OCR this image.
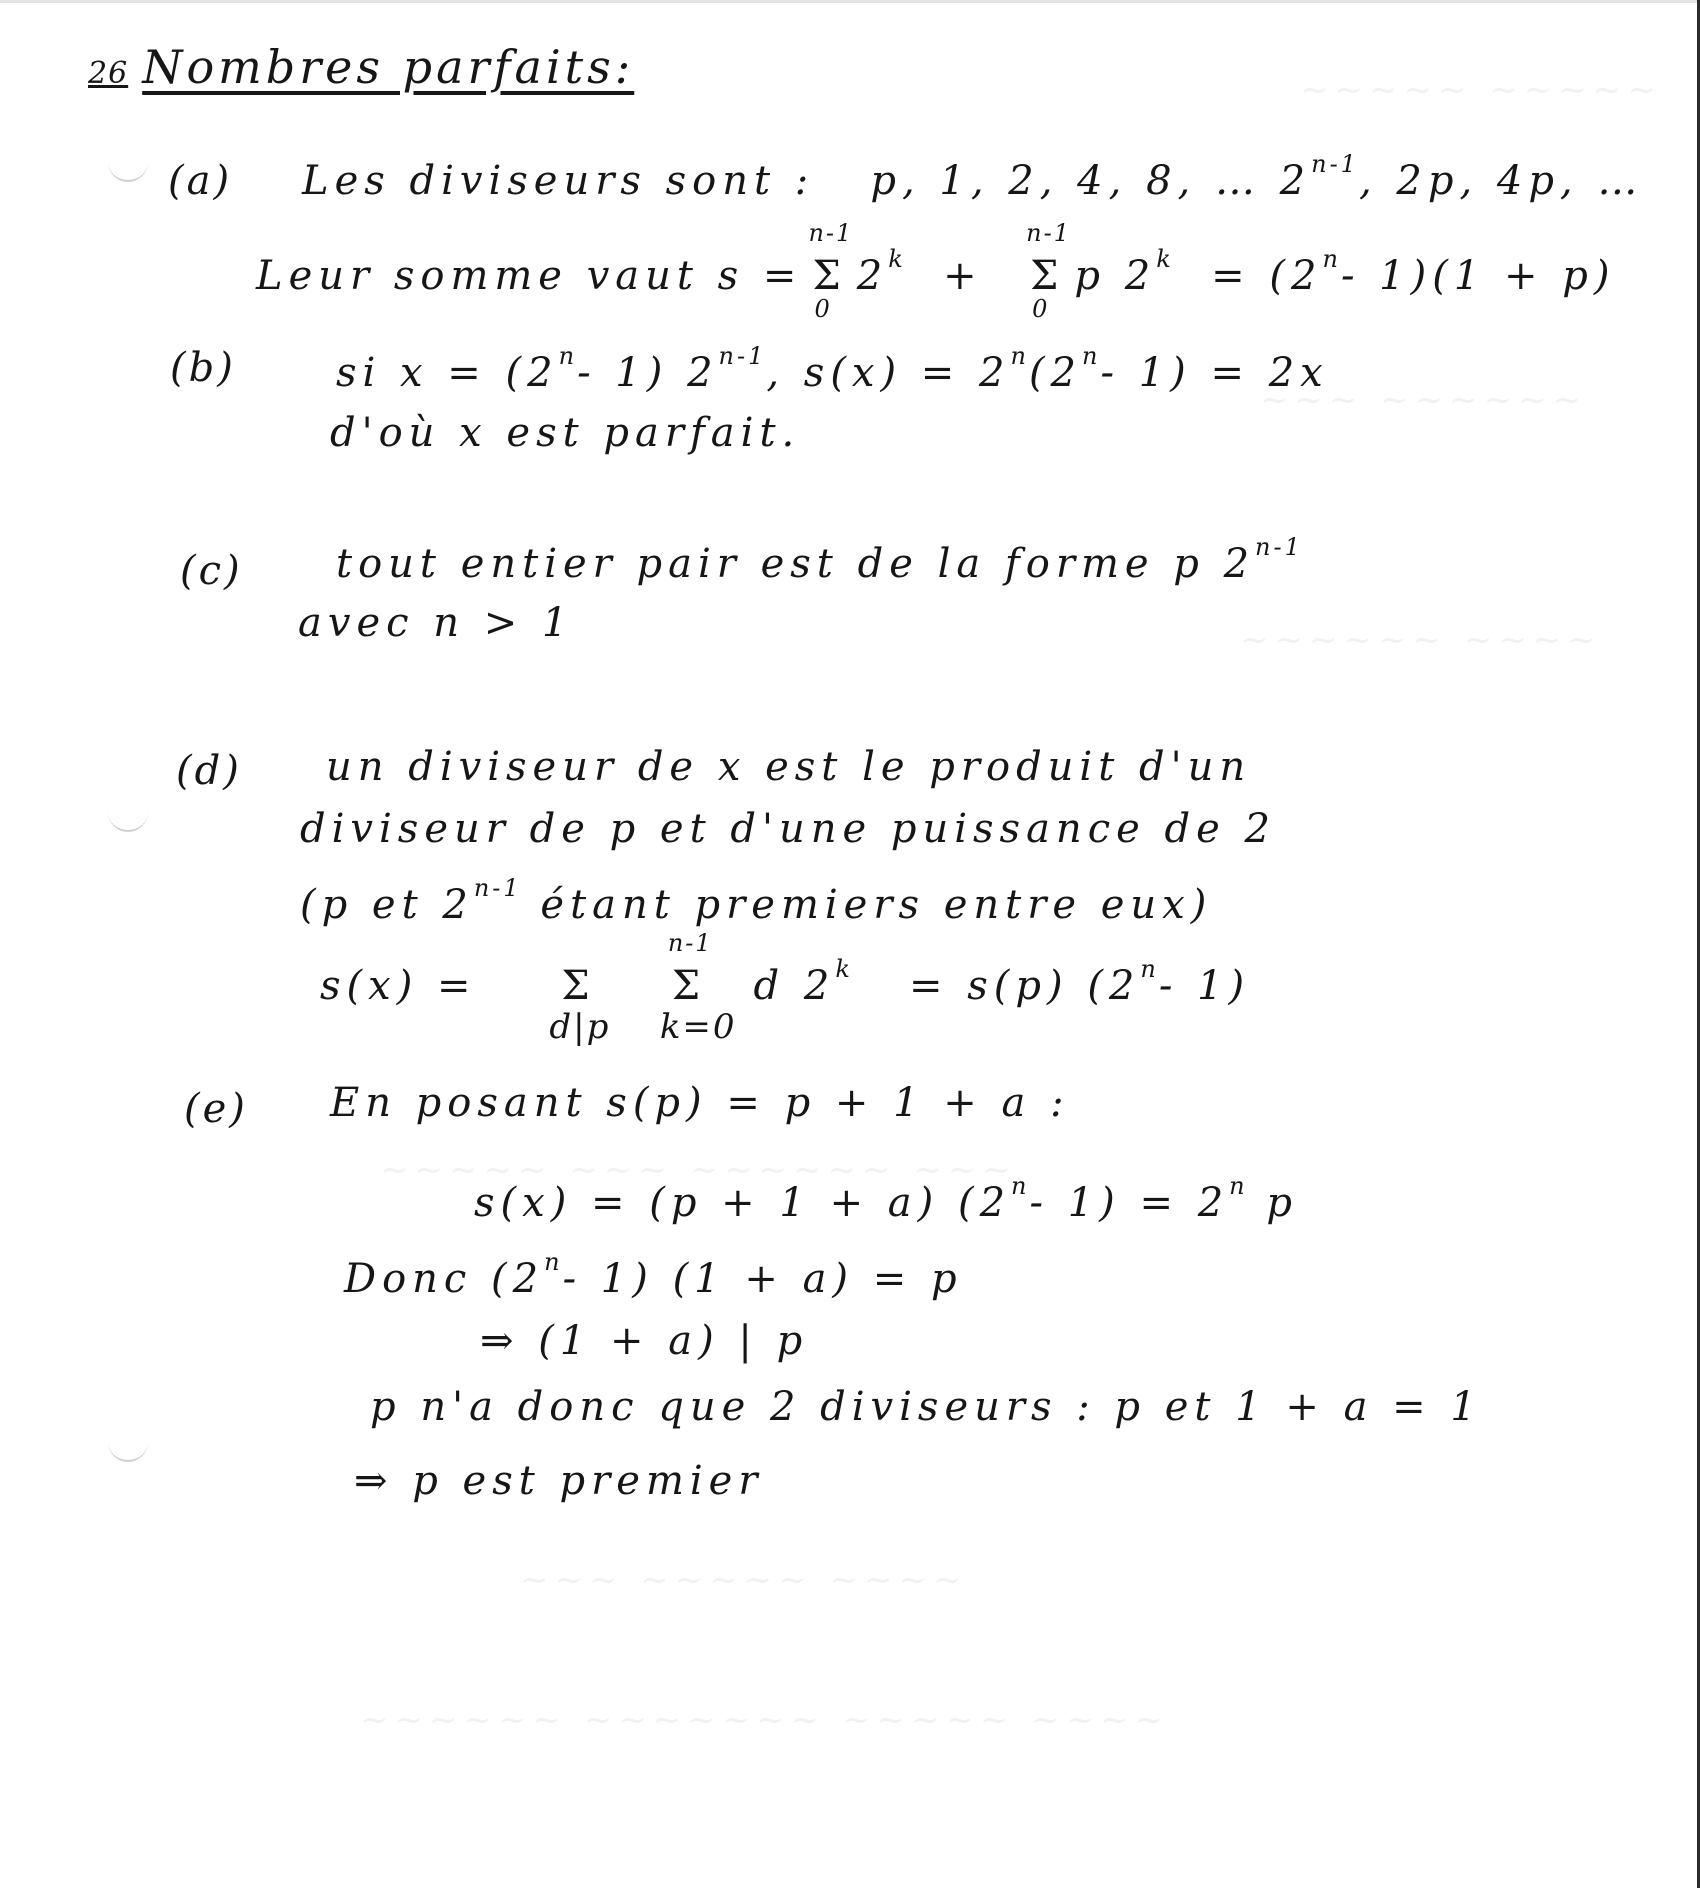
26 Nombres parfaits:
(a) Les diviseurs sont : p, 1, 2, 4, 8, … 2$^{n-1}$, 2p, 4p, …
Leur somme vaut s = Σ
n-1
0
$2^k + \Sigma$
n-1
0
p $2^k = (2^n-$ 1)(1 + p)
(b)	si $x = (2^n-$ 1) 2$^{n-1}$, $s(x) = 2^n(2^n-$ 1) = 2x
d'où x est parfait.
(c) tout entier pair est de la forme p 2$^{n-1}$
avec n > 1
(d) un diviseur de x est le produit d'un
diviseur de p et d'une puissance de 2
(p et 2$^{n-1}$ étant premiers entre eux)
s(x) = Σ
d|p
Σ
n-1
k=0
d $2^k = s(p)$ (2$^n$- 1)
(e) En posant s(p) = p + 1 + a :
s(x) = (p + 1 + a) (2$^n$- $1) = 2^n$ p
Donc (2$^n$- 1) (1 + a) = p
⇒ (1 + a) | p
p n'a donc que 2 diviseurs : p et 1 + a = 1
⇒ p est premier
~~~~~ ~~~~~
~~~ ~~~~~~
~~~~~~ ~~~~
~~~~~ ~~~ ~~~~~~ ~~~
~~~ ~~~~~ ~~~~
~~~~~~ ~~~~~~~ ~~~~~ ~~~~
